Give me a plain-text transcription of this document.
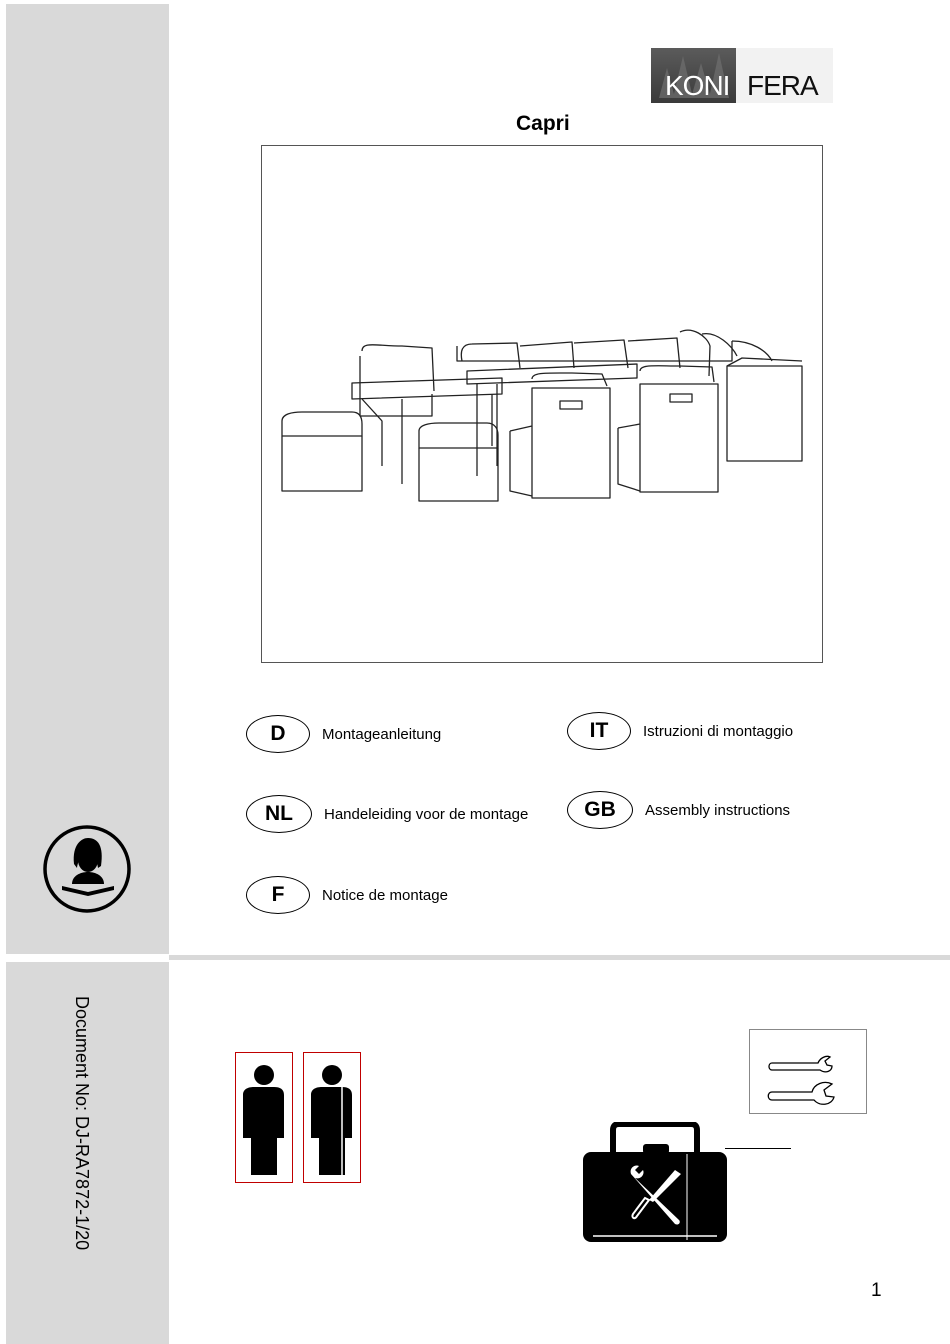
KONI FERA
Capri
D	Montageanleitung	IT	Istruzioni di montaggio
NL	Handeleiding voor de montage	GB	Assembly instructions
F	Notice de montage
Document No: DJ-RA7872-1/20
1
